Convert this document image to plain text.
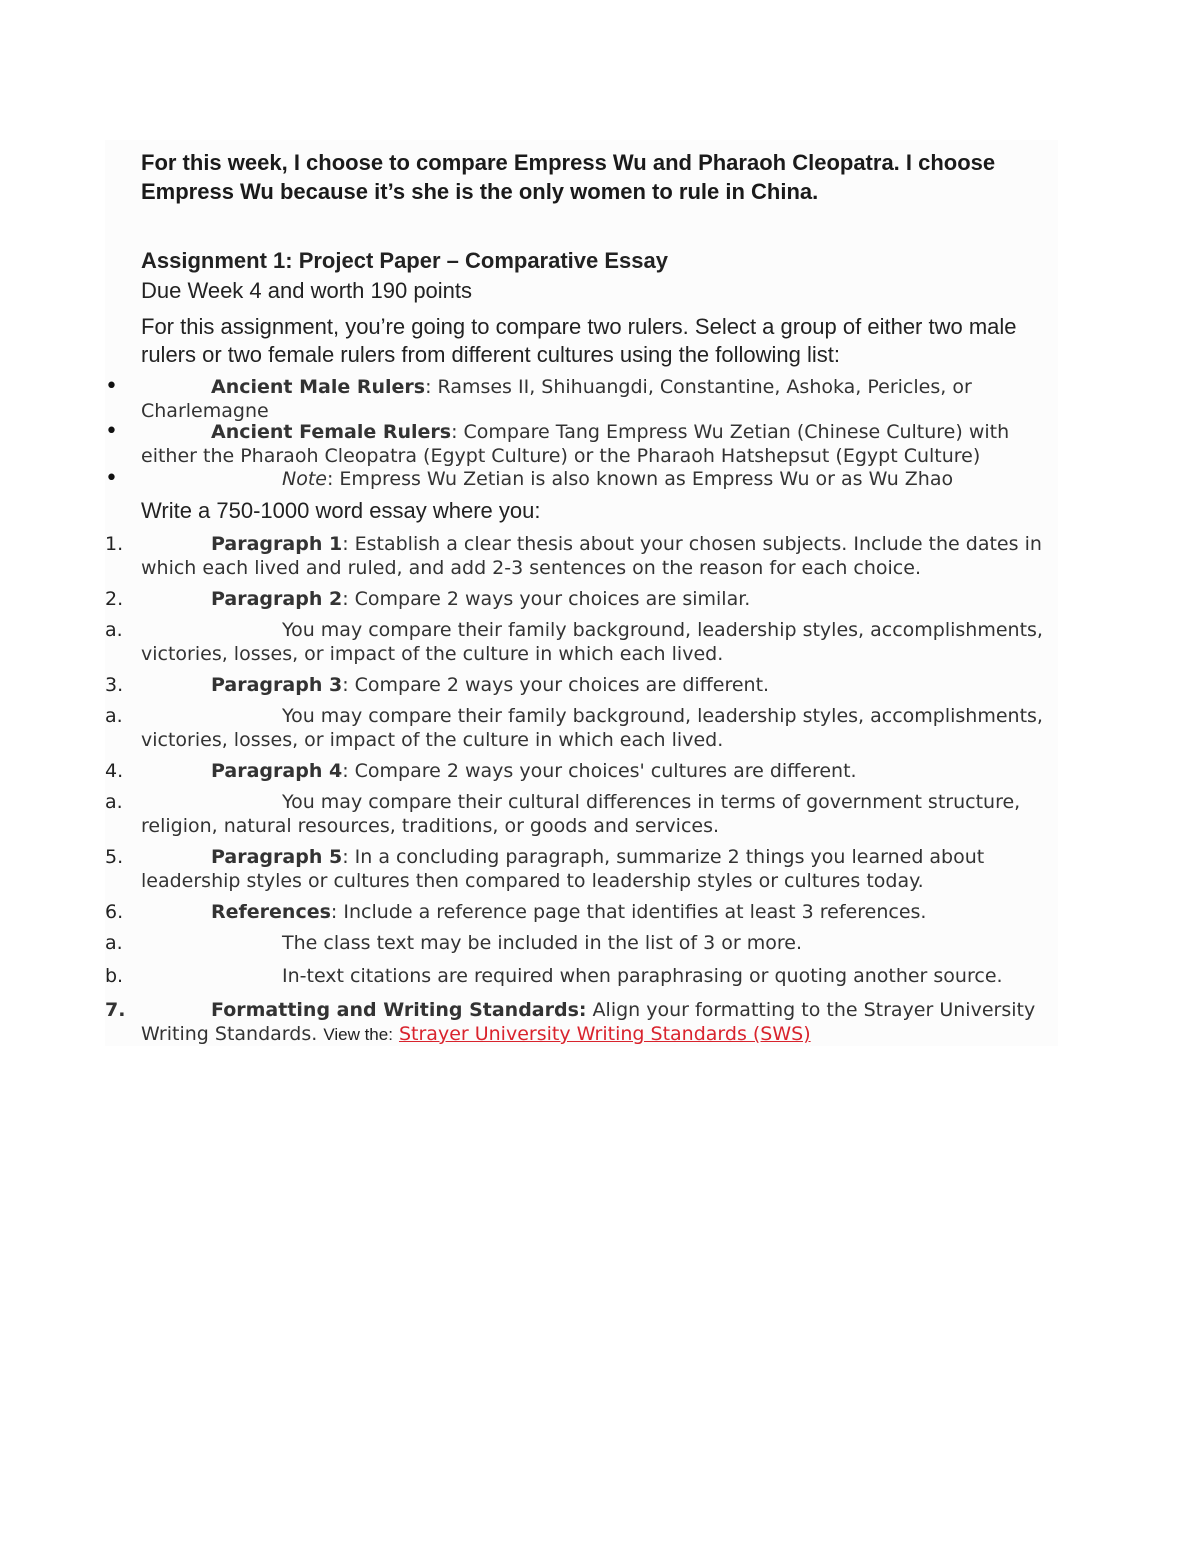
For this week, I choose to compare Empress Wu and Pharaoh Cleopatra. I choose Empress Wu because it’s she is the only women to rule in China.
Assignment 1: Project Paper – Comparative Essay
Due Week 4 and worth 190 points
For this assignment, you’re going to compare two rulers. Select a group of either two male rulers or two female rulers from different cultures using the following list:
•	Ancient Male Rulers: Ramses II, Shihuangdi, Constantine, Ashoka, Pericles, or Charlemagne
•	Ancient Female Rulers: Compare Tang Empress Wu Zetian (Chinese Culture) with either the Pharaoh Cleopatra (Egypt Culture) or the Pharaoh Hatshepsut (Egypt Culture)
•	Note: Empress Wu Zetian is also known as Empress Wu or as Wu Zhao
Write a 750-1000 word essay where you:
1.	Paragraph 1: Establish a clear thesis about your chosen subjects. Include the dates in which each lived and ruled, and add 2-3 sentences on the reason for each choice.
2.	Paragraph 2: Compare 2 ways your choices are similar.
a.	You may compare their family background, leadership styles, accomplishments, victories, losses, or impact of the culture in which each lived.
3.	Paragraph 3: Compare 2 ways your choices are different.
a.	You may compare their family background, leadership styles, accomplishments, victories, losses, or impact of the culture in which each lived.
4.	Paragraph 4: Compare 2 ways your choices' cultures are different.
a.	You may compare their cultural differences in terms of government structure, religion, natural resources, traditions, or goods and services.
5.	Paragraph 5: In a concluding paragraph, summarize 2 things you learned about leadership styles or cultures then compared to leadership styles or cultures today.
6.	References: Include a reference page that identifies at least 3 references.
a.	The class text may be included in the list of 3 or more.
b.	In-text citations are required when paraphrasing or quoting another source.
7.	Formatting and Writing Standards: Align your formatting to the Strayer University Writing Standards. View the: Strayer University Writing Standards (SWS)
